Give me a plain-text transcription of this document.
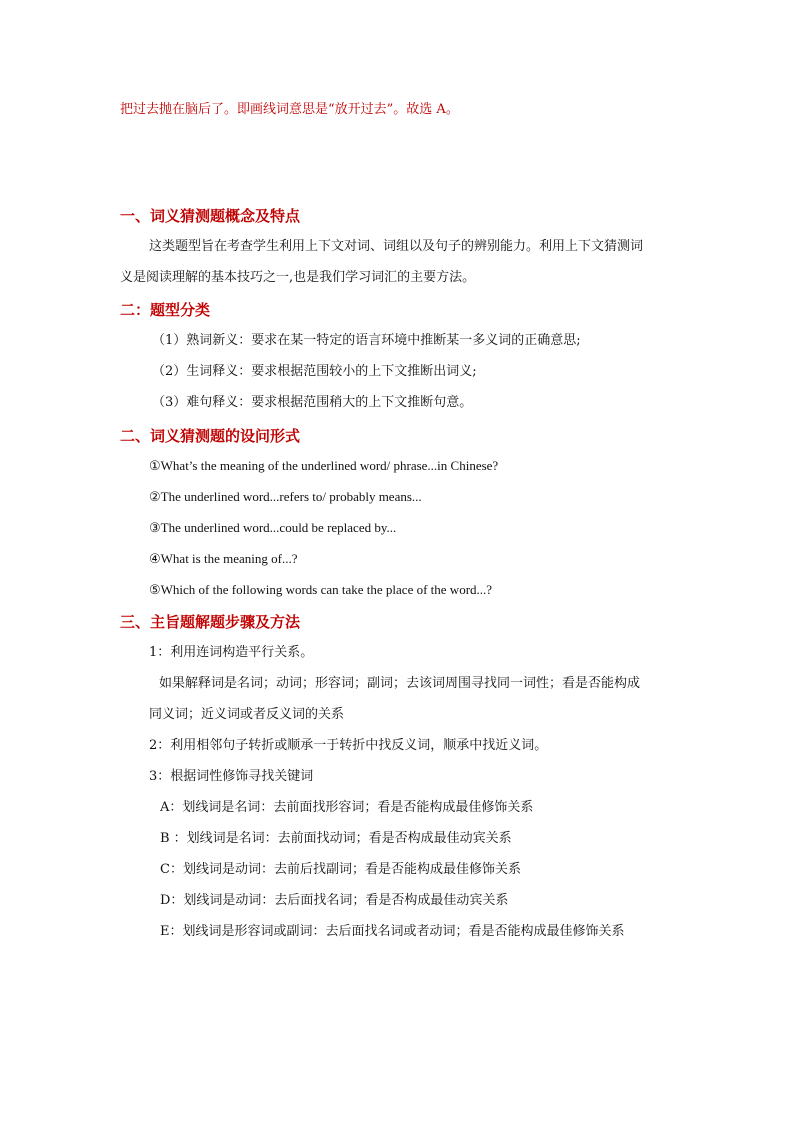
把过去抛在脑后了。即画线词意思是“放开过去”。故选 A。
一、词义猜测题概念及特点
这类题型旨在考查学生利用上下文对词、词组以及句子的辨别能力。利用上下文猜测词
义是阅读理解的基本技巧之一,也是我们学习词汇的主要方法。
二：题型分类
（1）熟词新义：要求在某一特定的语言环境中推断某一多义词的正确意思;
（2）生词释义：要求根据范围较小的上下文推断出词义;
（3）难句释义：要求根据范围稍大的上下文推断句意。
二、词义猜测题的设问形式
①What’s the meaning of the underlined word/ phrase...in Chinese?
②The underlined word...refers to/ probably means...
③The underlined word...could be replaced by...
④What is the meaning of...?
⑤Which of the following words can take the place of the word...?
三、主旨题解题步骤及方法
1：利用连词构造平行关系。
如果解释词是名词；动词；形容词；副词；去该词周围寻找同一词性；看是否能构成
同义词；近义词或者反义词的关系
2：利用相邻句子转折或顺承一于转折中找反义词，顺承中找近义词。
3：根据词性修饰寻找关键词
A：划线词是名词：去前面找形容词；看是否能构成最佳修饰关系
B ：划线词是名词：去前面找动词；看是否构成最佳动宾关系
C：划线词是动词：去前后找副词；看是否能构成最佳修饰关系
D：划线词是动词：去后面找名词；看是否构成最佳动宾关系
E：划线词是形容词或副词：去后面找名词或者动词；看是否能构成最佳修饰关系
